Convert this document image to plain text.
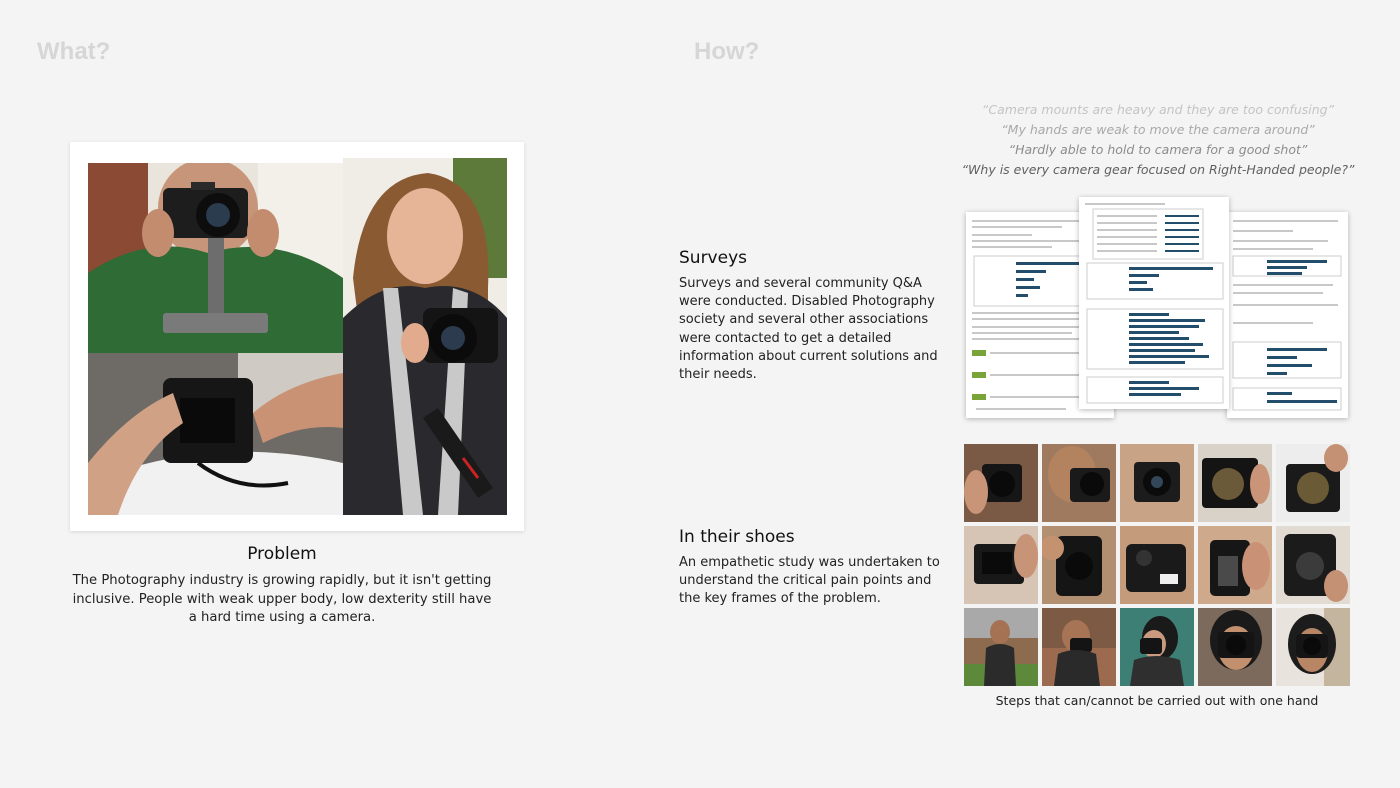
What?	How?
Problem
The Photography industry is growing rapidly, but it isn't getting inclusive. People with weak upper body, low dexterity still have a hard time using a camera.
“Camera mounts are heavy and they are too confusing”
“My hands are weak to move the camera around”
“Hardly able to hold to camera for a good shot”
“Why is every camera gear focused on Right-Handed people?”
Surveys
Surveys and several community Q&A were conducted. Disabled Photography society and several other associations were contacted to get a detailed information about current solutions and their needs.
In their shoes
An empathetic study was undertaken to understand the critical pain points and the key frames of the problem.
Steps that can/cannot be carried out with one hand
